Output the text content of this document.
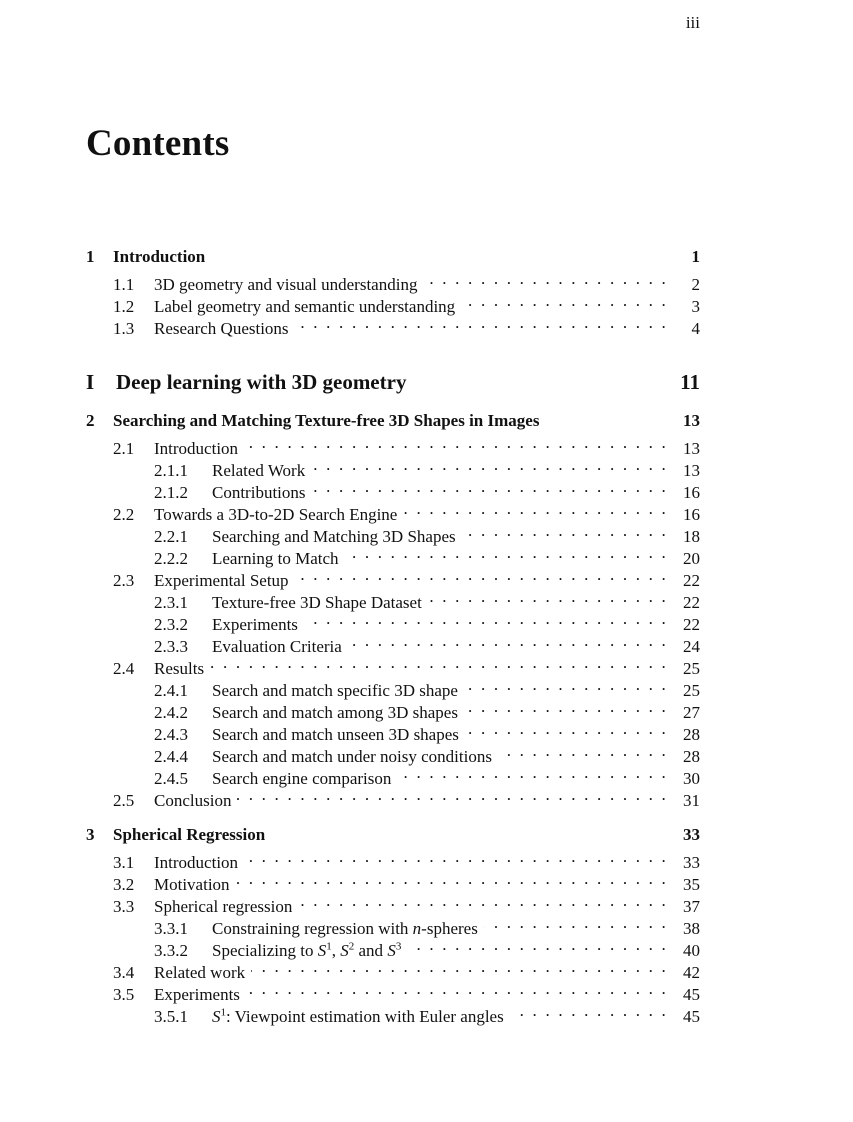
iii
Contents
1	Introduction	1
1.1	3D geometry and visual understanding . . .	2
1.2	Label geometry and semantic understanding . . .	3
1.3	Research Questions . . .	4
I	Deep learning with 3D geometry	11
2	Searching and Matching Texture-free 3D Shapes in Images	13
2.1	Introduction . . .	13
2.1.1	Related Work . . .	13
2.1.2	Contributions . . .	16
2.2	Towards a 3D-to-2D Search Engine . . .	16
2.2.1	Searching and Matching 3D Shapes . . .	18
2.2.2	Learning to Match . . .	20
2.3	Experimental Setup . . .	22
2.3.1	Texture-free 3D Shape Dataset . . .	22
2.3.2	Experiments . . .	22
2.3.3	Evaluation Criteria . . .	24
2.4	Results . . .	25
2.4.1	Search and match specific 3D shape . . .	25
2.4.2	Search and match among 3D shapes . . .	27
2.4.3	Search and match unseen 3D shapes . . .	28
2.4.4	Search and match under noisy conditions . . .	28
2.4.5	Search engine comparison . . .	30
2.5	Conclusion . . .	31
3	Spherical Regression	33
3.1	Introduction . . .	33
3.2	Motivation . . .	35
3.3	Spherical regression . . .	37
3.3.1	Constraining regression with n-spheres . . .	38
3.3.2	Specializing to $S^1$, $S^2$ and $S^3$ . . .	40
3.4	Related work . . .	42
3.5	Experiments . . .	45
3.5.1	$S^1$: Viewpoint estimation with Euler angles . . .	45
